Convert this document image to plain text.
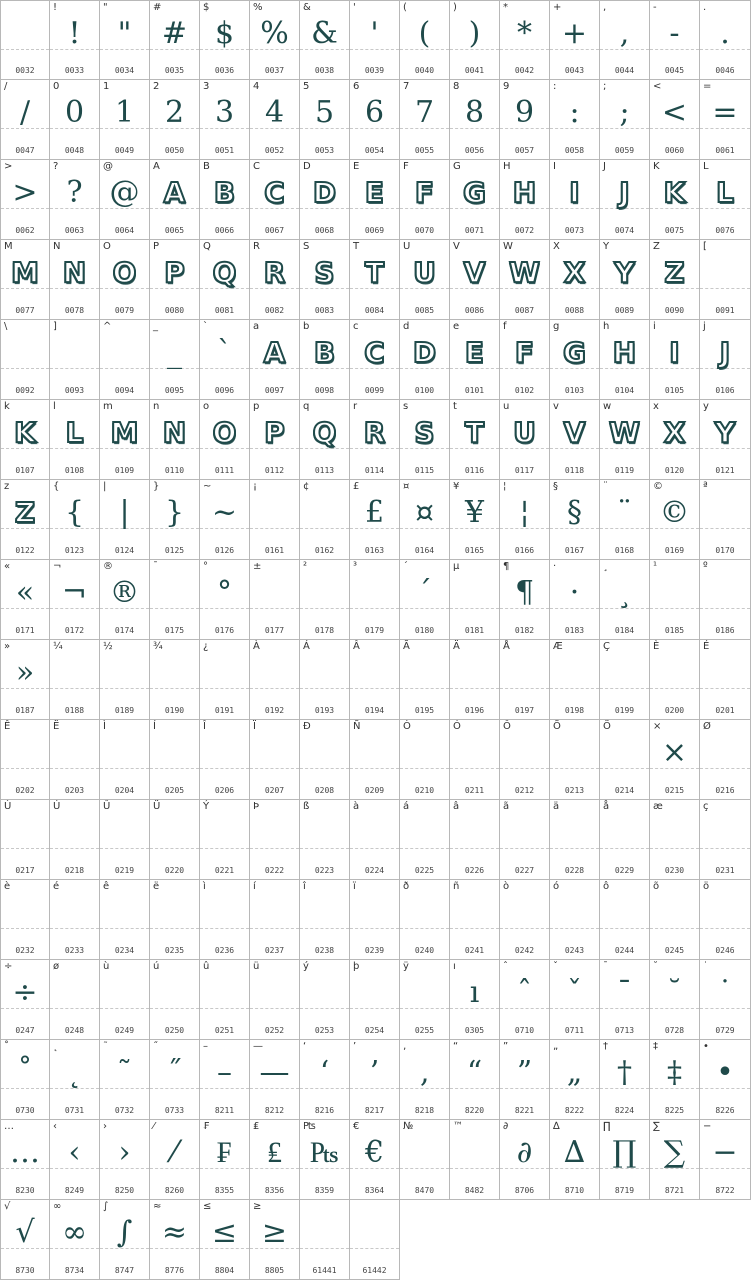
0032
!
!
0033
"
"
0034
#
#
0035
$
$
0036
%
%
0037
&
&
0038
'
'
0039
(
(
0040
)
)
0041
*
*
0042
+
+
0043
,
,
0044
-
-
0045
.
.
0046
/
/
0047
0
0
0048
1
1
0049
2
2
0050
3
3
0051
4
4
0052
5
5
0053
6
6
0054
7
7
0055
8
8
0056
9
9
0057
:
:
0058
;
;
0059
<
<
0060
=
=
0061
>
>
0062
?
?
0063
@
@
0064
A
A
0065
B
B
0066
C
C
0067
D
D
0068
E
E
0069
F
F
0070
G
G
0071
H
H
0072
I
I
0073
J
J
0074
K
K
0075
L
L
0076
M
M
0077
N
N
0078
O
O
0079
P
P
0080
Q
Q
0081
R
R
0082
S
S
0083
T
T
0084
U
U
0085
V
V
0086
W
W
0087
X
X
0088
Y
Y
0089
Z
Z
0090
[
0091
\
0092
]
0093
^
0094
_
_
0095
`
`
0096
a
A
0097
b
B
0098
c
C
0099
d
D
0100
e
E
0101
f
F
0102
g
G
0103
h
H
0104
i
I
0105
j
J
0106
k
K
0107
l
L
0108
m
M
0109
n
N
0110
o
O
0111
p
P
0112
q
Q
0113
r
R
0114
s
S
0115
t
T
0116
u
U
0117
v
V
0118
w
W
0119
x
X
0120
y
Y
0121
z
Z
0122
{
{
0123
|
|
0124
}
}
0125
~
~
0126
¡
0161
¢
0162
£
£
0163
¤
¤
0164
¥
¥
0165
¦
¦
0166
§
§
0167
¨
¨
0168
©
©
0169
ª
0170
«
«
0171
¬
¬
0172
®
®
0174
¯
0175
°
°
0176
±
0177
²
0178
³
0179
´
´
0180
µ
0181
¶
¶
0182
·
·
0183
¸
¸
0184
¹
0185
º
0186
»
»
0187
¼
0188
½
0189
¾
0190
¿
0191
À
0192
Á
0193
Â
0194
Ã
0195
Ä
0196
Å
0197
Æ
0198
Ç
0199
È
0200
É
0201
Ê
0202
Ë
0203
Ì
0204
Í
0205
Î
0206
Ï
0207
Ð
0208
Ñ
0209
Ò
0210
Ó
0211
Ô
0212
Õ
0213
Ö
0214
×
×
0215
Ø
0216
Ù
0217
Ú
0218
Û
0219
Ü
0220
Ý
0221
Þ
0222
ß
0223
à
0224
á
0225
â
0226
ã
0227
ä
0228
å
0229
æ
0230
ç
0231
è
0232
é
0233
ê
0234
ë
0235
ì
0236
í
0237
î
0238
ï
0239
ð
0240
ñ
0241
ò
0242
ó
0243
ô
0244
õ
0245
ö
0246
÷
÷
0247
ø
0248
ù
0249
ú
0250
û
0251
ü
0252
ý
0253
þ
0254
ÿ
0255
ı
ı
0305
ˆ
ˆ
0710
ˇ
ˇ
0711
ˉ
ˉ
0713
˘
˘
0728
˙
˙
0729
˚
˚
0730
˛
˛
0731
˜
˜
0732
˝
˝
0733
–
–
8211
—
—
8212
‘
‘
8216
’
’
8217
‚
‚
8218
“
“
8220
”
”
8221
„
„
8222
†
†
8224
‡
‡
8225
•
•
8226
…
…
8230
‹
‹
8249
›
›
8250
⁄
⁄
8260
₣
₣
8355
₤
₤
8356
₧
₧
8359
€
€
8364
№
8470
™
8482
∂
∂
8706
∆
∆
8710
∏
∏
8719
∑
∑
8721
−
−
8722
√
√
8730
∞
∞
8734
∫
∫
8747
≈
≈
8776
≤
≤
8804
≥
≥
8805	61441	61442
